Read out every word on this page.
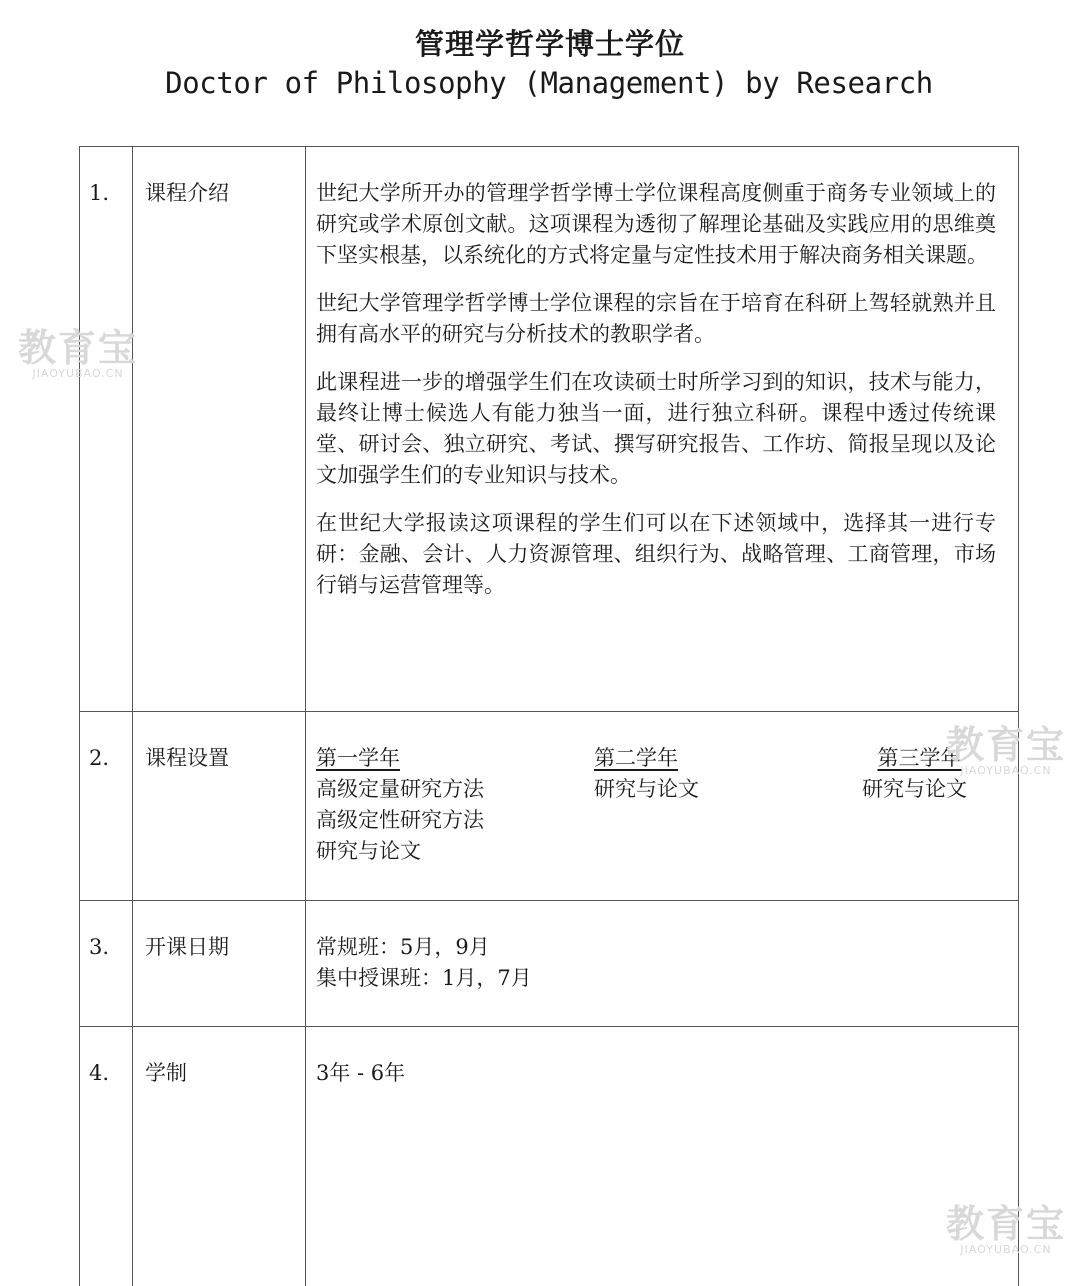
管理学哲学博士学位
Doctor of Philosophy (Management) by Research
1. 课程介绍	世纪大学所开办的管理学哲学博士学位课程高度侧重于商务专业领域上的研究或学术原创文献。这项课程为透彻了解理论基础及实践应用的思维奠下坚实根基，以系统化的方式将定量与定性技术用于解决商务相关课题。

世纪大学管理学哲学博士学位课程的宗旨在于培育在科研上驾轻就熟并且拥有高水平的研究与分析技术的教职学者。

此课程进一步的增强学生们在攻读硕士时所学习到的知识，技术与能力，最终让博士候选人有能力独当一面，进行独立科研。课程中透过传统课堂、研讨会、独立研究、考试、撰写研究报告、工作坊、简报呈现以及论文加强学生们的专业知识与技术。

在世纪大学报读这项课程的学生们可以在下述领域中，选择其一进行专研：金融、会计、人力资源管理、组织行为、战略管理、工商管理，市场行销与运营管理等。

2. 课程设置	第一学年
高级定量研究方法
高级定性研究方法
研究与论文
第二学年
研究与论文
第三学年
研究与论文
3. 开课日期	常规班：5月，9月
集中授课班：1月，7月
4. 学制	3年 - 6年
教育宝
JIAOYUBAO.CN
教育宝
JIAOYUBAO.CN
教育宝
JIAOYUBAO.CN
